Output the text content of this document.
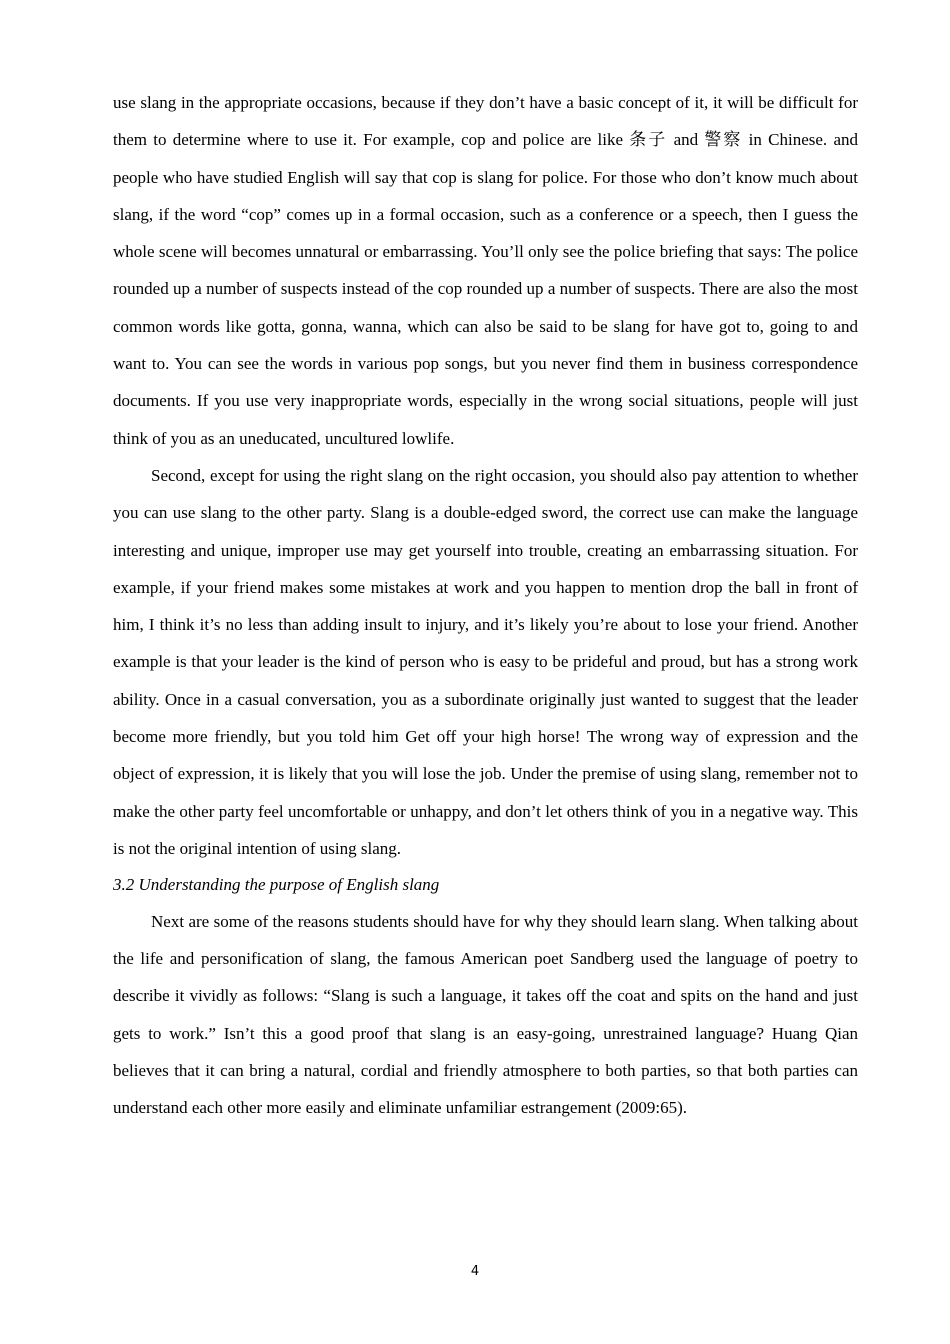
use slang in the appropriate occasions, because if they don’t have a basic concept of it, it will be difficult for them to determine where to use it. For example, cop and police are like 条子 and 警察 in Chinese. and people who have studied English will say that cop is slang for police. For those who don’t know much about slang, if the word “cop” comes up in a formal occasion, such as a conference or a speech, then I guess the whole scene will becomes unnatural or embarrassing. You’ll only see the police briefing that says: The police rounded up a number of suspects instead of the cop rounded up a number of suspects. There are also the most common words like gotta, gonna, wanna, which can also be said to be slang for have got to, going to and want to. You can see the words in various pop songs, but you never find them in business correspondence documents. If you use very inappropriate words, especially in the wrong social situations, people will just think of you as an uneducated, uncultured lowlife.

Second, except for using the right slang on the right occasion, you should also pay attention to whether you can use slang to the other party. Slang is a double-edged sword, the correct use can make the language interesting and unique, improper use may get yourself into trouble, creating an embarrassing situation. For example, if your friend makes some mistakes at work and you happen to mention drop the ball in front of him, I think it’s no less than adding insult to injury, and it’s likely you’re about to lose your friend. Another example is that your leader is the kind of person who is easy to be prideful and proud, but has a strong work ability. Once in a casual conversation, you as a subordinate originally just wanted to suggest that the leader become more friendly, but you told him Get off your high horse! The wrong way of expression and the object of expression, it is likely that you will lose the job. Under the premise of using slang, remember not to make the other party feel uncomfortable or unhappy, and don’t let others think of you in a negative way. This is not the original intention of using slang.

3.2 Understanding the purpose of English slang

Next are some of the reasons students should have for why they should learn slang. When talking about the life and personification of slang, the famous American poet Sandberg used the language of poetry to describe it vividly as follows: “Slang is such a language, it takes off the coat and spits on the hand and just gets to work.” Isn’t this a good proof that slang is an easy-going, unrestrained language? Huang Qian believes that it can bring a natural, cordial and friendly atmosphere to both parties, so that both parties can understand each other more easily and eliminate unfamiliar estrangement (2009:65).

4
